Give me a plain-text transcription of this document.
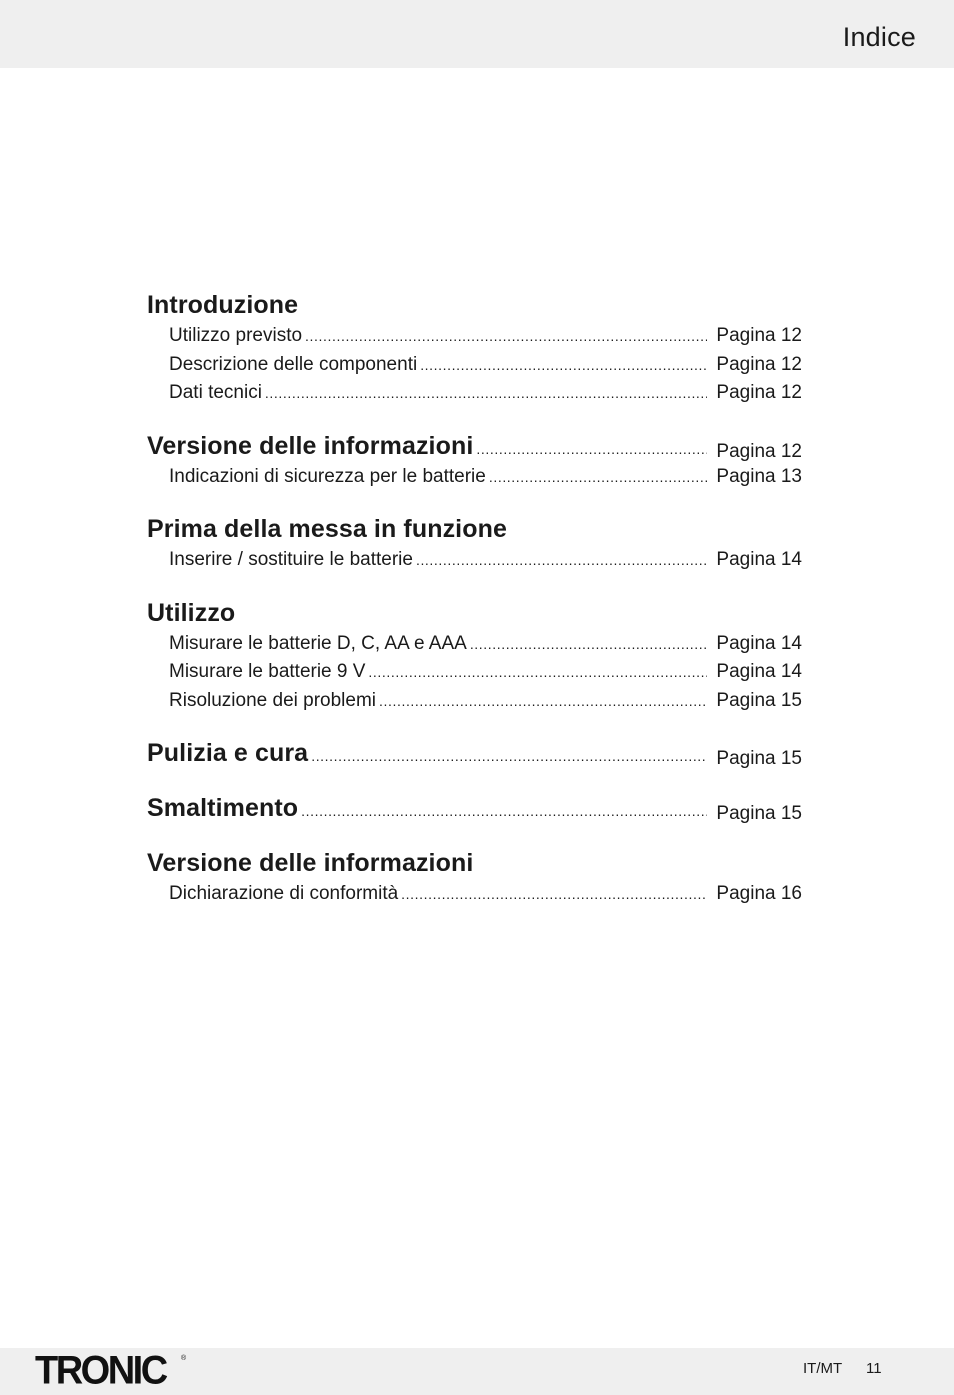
Indice
Introduzione
Utilizzo previsto .....	Pagina 12
Descrizione delle componenti .....	Pagina 12
Dati tecnici .....	Pagina 12
Versione delle informazioni .....	Pagina 12
Indicazioni di sicurezza per le batterie .....	Pagina 13
Prima della messa in funzione
Inserire / sostituire le batterie .....	Pagina 14
Utilizzo
Misurare le batterie D, C, AA e AAA .....	Pagina 14
Misurare le batterie 9 V .....	Pagina 14
Risoluzione dei problemi .....	Pagina 15
Pulizia e cura .....	Pagina 15
Smaltimento .....	Pagina 15
Versione delle informazioni
Dichiarazione di conformità .....	Pagina 16
TRONIC ®
IT/MT 11
